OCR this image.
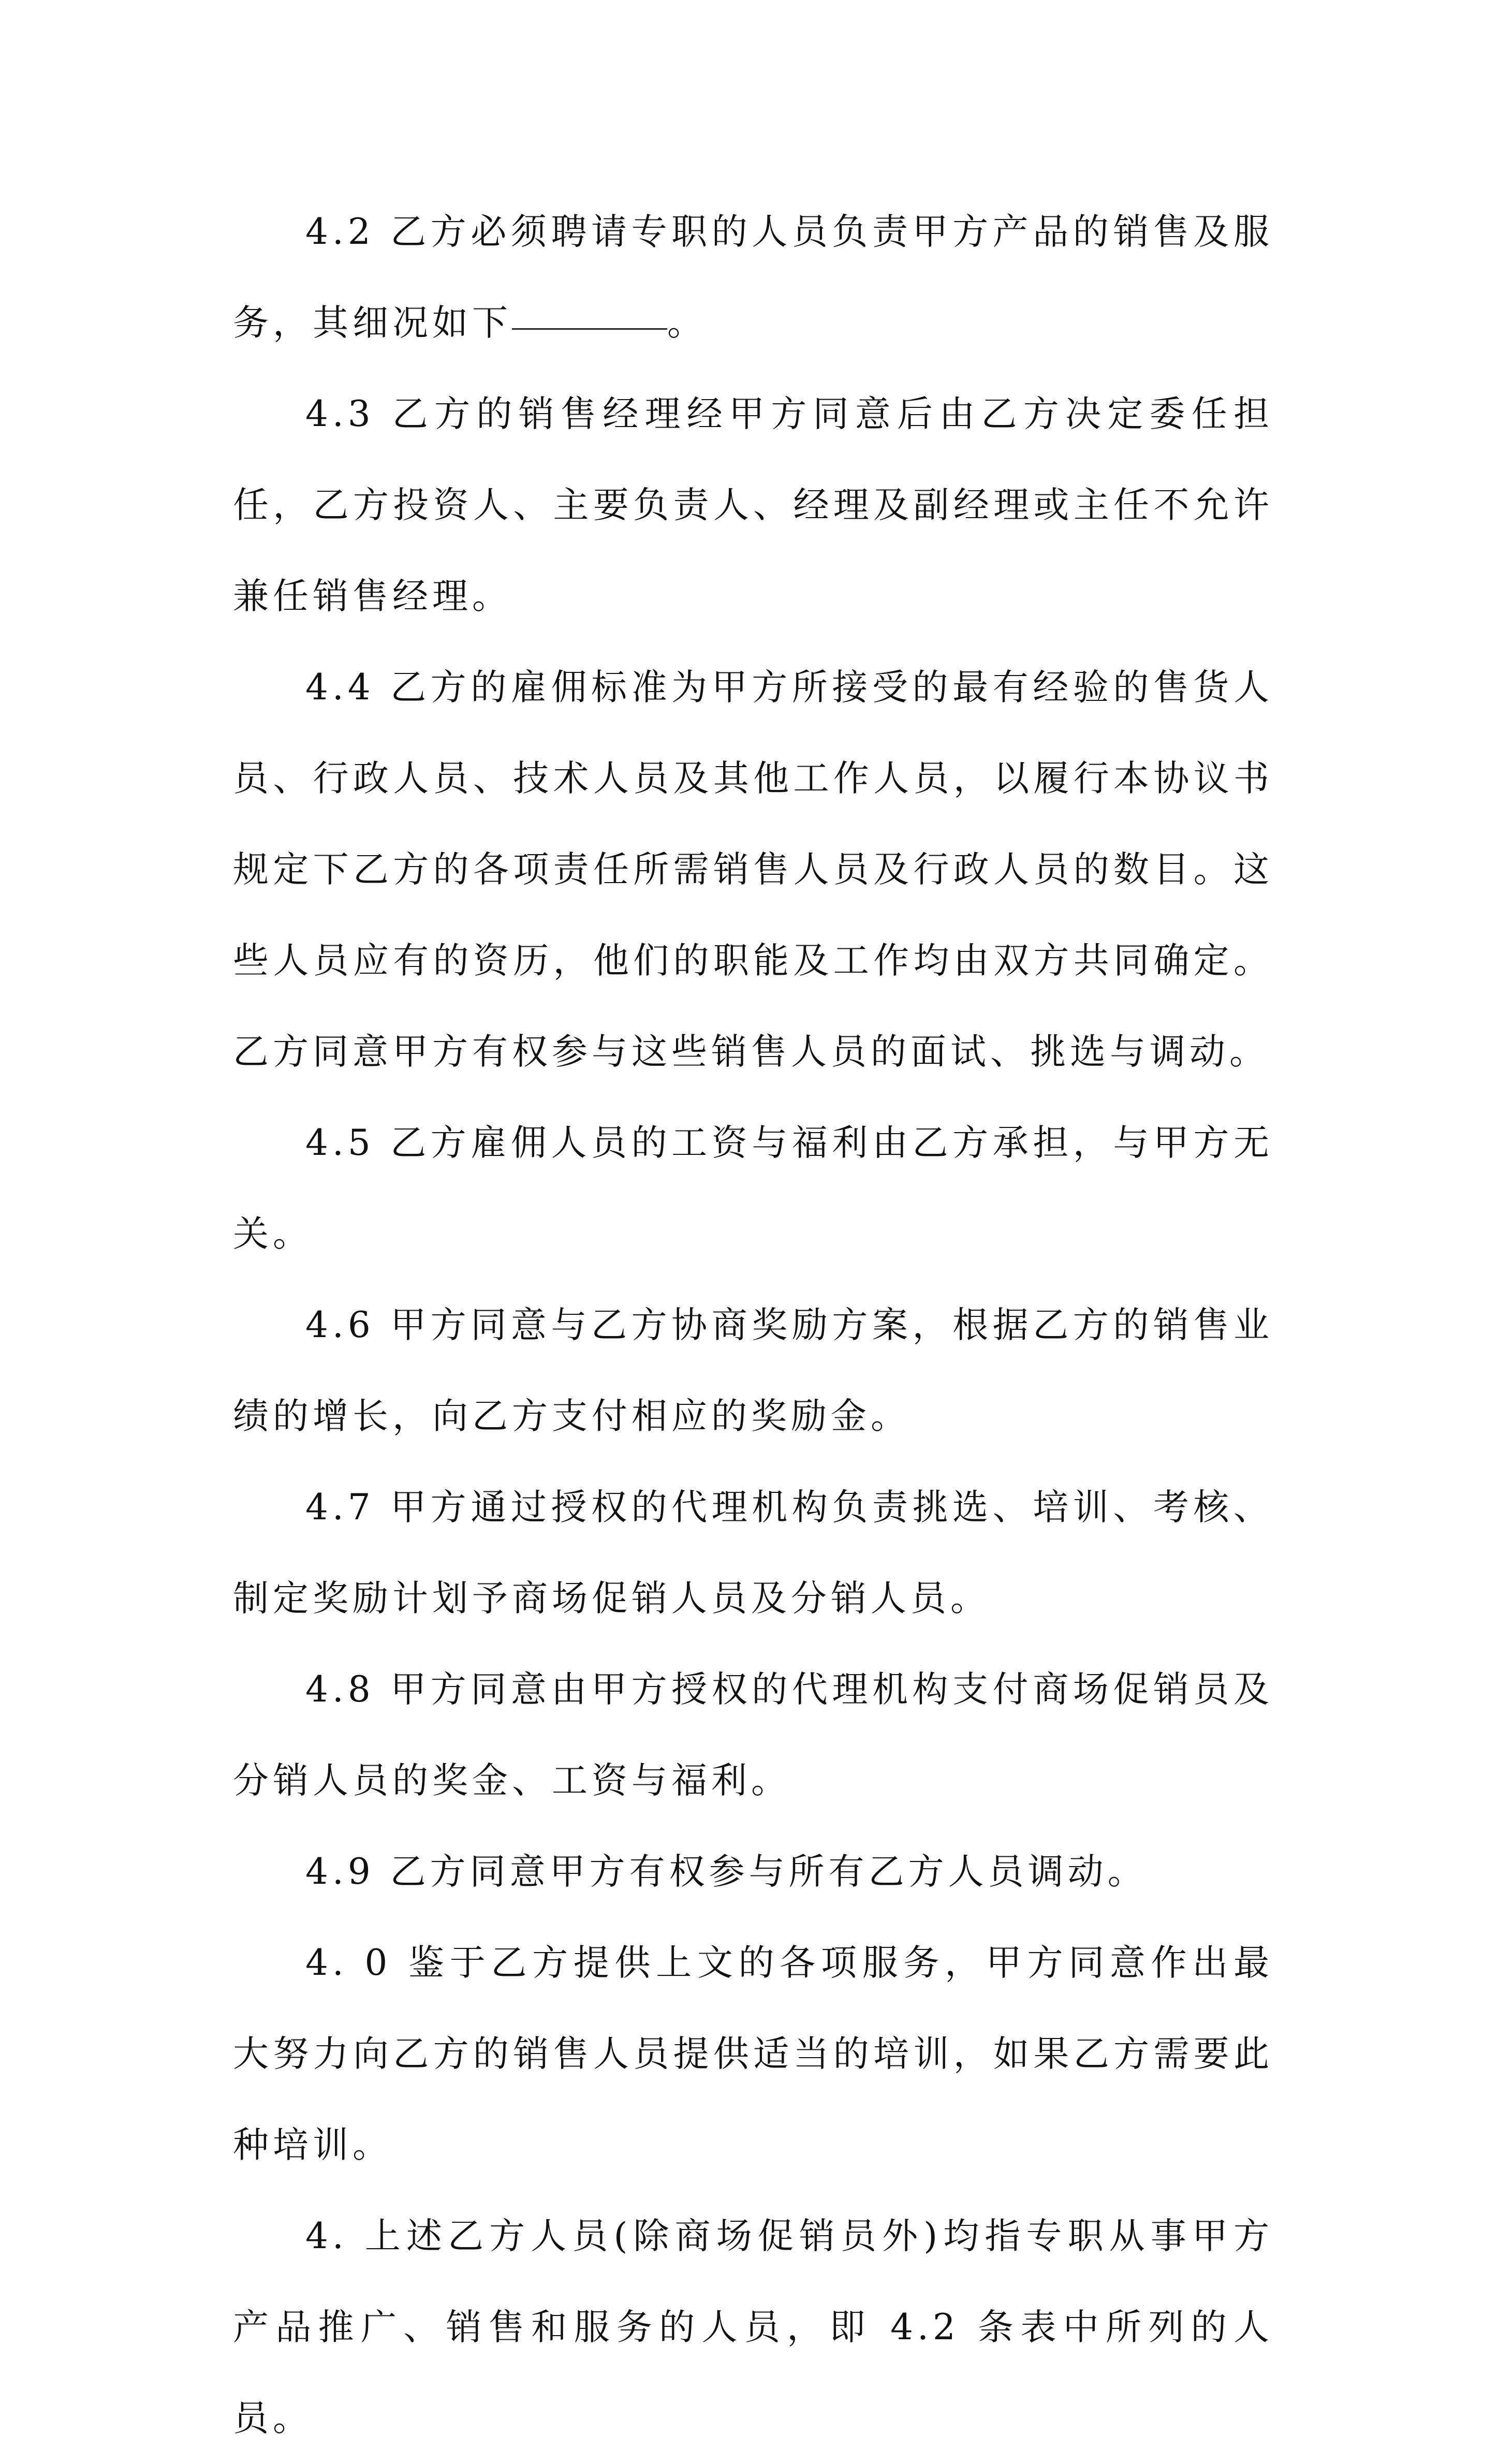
4.2 乙方必须聘请专职的人员负责甲方产品的销售及服务，其细况如下	。

4.3 乙方的销售经理经甲方同意后由乙方决定委任担任，乙方投资人、主要负责人、经理及副经理或主任不允许兼任销售经理。

4.4 乙方的雇佣标准为甲方所接受的最有经验的售货人员、行政人员、技术人员及其他工作人员，以履行本协议书规定下乙方的各项责任所需销售人员及行政人员的数目。这些人员应有的资历，他们的职能及工作均由双方共同确定。乙方同意甲方有权参与这些销售人员的面试、挑选与调动。

4.5 乙方雇佣人员的工资与福利由乙方承担，与甲方无关。

4.6 甲方同意与乙方协商奖励方案，根据乙方的销售业绩的增长，向乙方支付相应的奖励金。

4.7 甲方通过授权的代理机构负责挑选、培训、考核、制定奖励计划予商场促销人员及分销人员。

4.8 甲方同意由甲方授权的代理机构支付商场促销员及分销人员的奖金、工资与福利。

4.9 乙方同意甲方有权参与所有乙方人员调动。

4. 0 鉴于乙方提供上文的各项服务，甲方同意作出最大努力向乙方的销售人员提供适当的培训，如果乙方需要此种培训。

4. 上述乙方人员(除商场促销员外)均指专职从事甲方产品推广、销售和服务的人员，即 4.2 条表中所列的人员。
